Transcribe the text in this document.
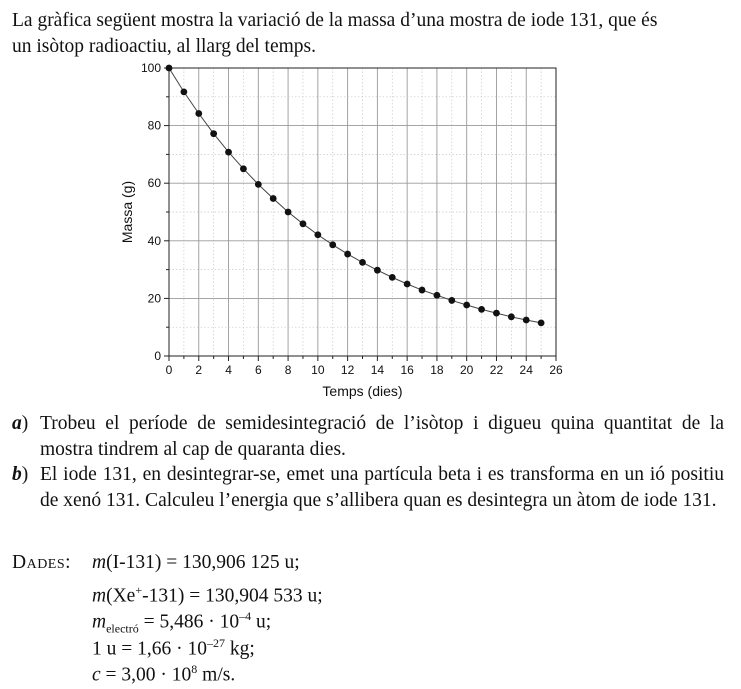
La gràfica següent mostra la variació de la massa d’una mostra de iode 131, que és
un isòtop radioactiu, al llarg del temps.
0 2 4 6 8 10 12 14 16 18 20 22 24 26
0
20
40
60
80
100
Temps (dies)
Massa (g)
a) Trobeu el període de semidesintegració de l’isòtop i digueu quina quantitat de la mostra tindrem al cap de quaranta dies.
b) El iode 131, en desintegrar-se, emet una partícula beta i es transforma en un ió positiu de xenó 131. Calculeu l’energia que s’allibera quan es desintegra un àtom de iode 131.
Dades: m(I-131) = 130,906 125 u;
m(Xe+-131) = 130,904 533 u;
$m_{electró} = 5,486 \cdot 10^{-4}$ u;
1 $u = 1,66 \cdot 10^{-27}$ kg;
$c = 3,00 \cdot 10^8$ m/s.
